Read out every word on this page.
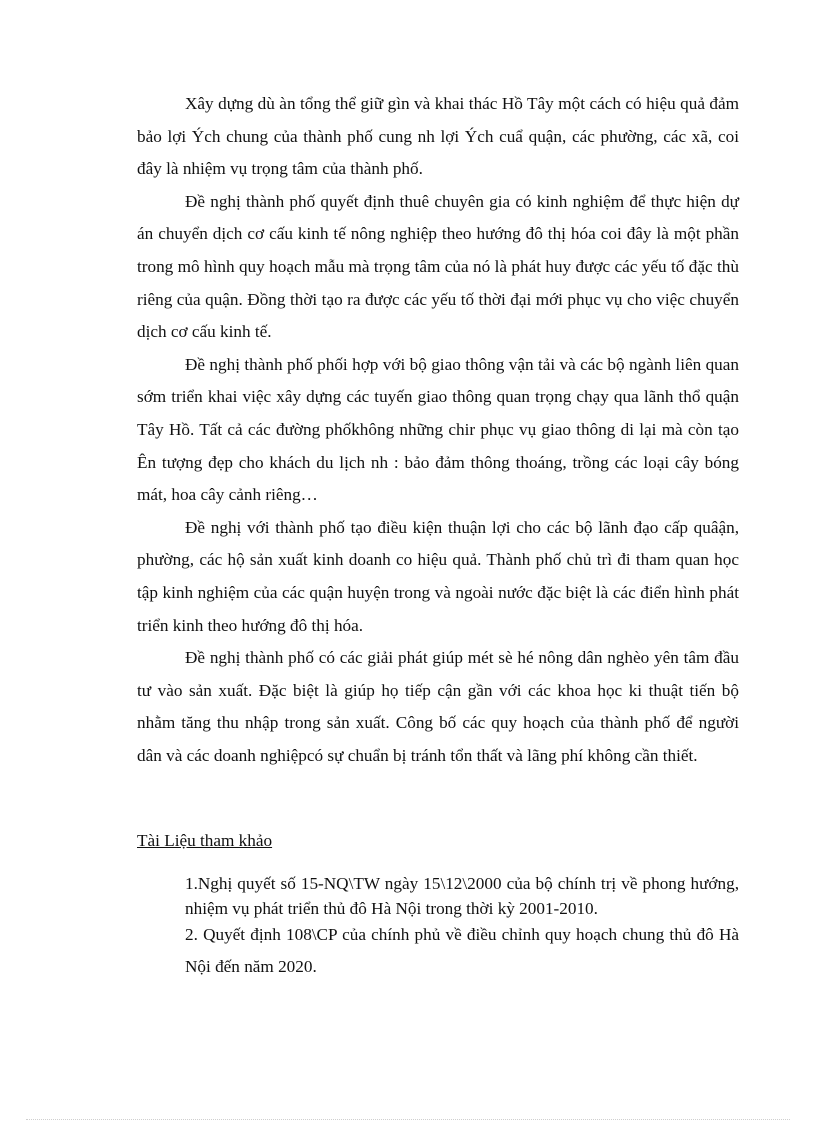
Xây dựng dù àn tổng thể giữ gìn và khai thác Hồ Tây một cách có hiệu quả đảm bảo lợi Ých chung của thành phố cung nh lợi Ých cuẩ quận, các phường, các xã, coi đây là nhiệm vụ trọng tâm của thành phố.

Đề nghị thành phố quyết định thuê chuyên gia có kinh nghiệm để thực hiện dự án chuyển dịch cơ cấu kinh tế nông nghiệp theo hướng đô thị hóa coi đây là một phần trong mô hình quy hoạch mẫu mà trọng tâm của nó là phát huy được các yếu tố đặc thù riêng của quận. Đồng thời tạo ra được các yếu tố thời đại mới phục vụ cho việc chuyển dịch cơ cấu kinh tế.

Đề nghị thành phố phối hợp với bộ giao thông vận tải và các bộ ngành liên quan sớm triển khai việc xây dựng các tuyến giao thông quan trọng chạy qua lãnh thổ quận Tây Hồ. Tất cả các đường phốkhông những chir phục vụ giao thông di lại mà còn tạo Ên tượng đẹp cho khách du lịch nh : bảo đảm thông thoáng, trồng các loại cây bóng mát, hoa cây cảnh riêng…

Đề nghị với thành phố tạo điều kiện thuận lợi cho các bộ lãnh đạo cấp quâận, phường, các hộ sản xuất kinh doanh co hiệu quả. Thành phố chủ trì đi tham quan học tập kinh nghiệm của các quận huyện trong và ngoài nước đặc biệt là các điển hình phát triển kinh theo hướng đô thị hóa.

Đề nghị thành phố có các giải phát giúp mét sè hé nông dân nghèo yên tâm đầu tư vào sản xuất. Đặc biệt là giúp họ tiếp cận gần với các khoa học ki thuật tiến bộ nhằm tăng thu nhập trong sản xuất. Công bố các quy hoạch của thành phố để người dân và các doanh nghiệpcó sự chuẩn bị tránh tổn thất và lãng phí không cần thiết.

Tài Liệu tham khảo

1.Nghị quyết số 15-NQ\TW ngày 15\12\2000 của bộ chính trị về phong hướng, nhiệm vụ phát triển thủ đô Hà Nội trong thời kỳ 2001-2010.

2. Quyết định 108\CP của chính phủ về điều chỉnh quy hoạch chung thủ đô Hà Nội đến năm 2020.
